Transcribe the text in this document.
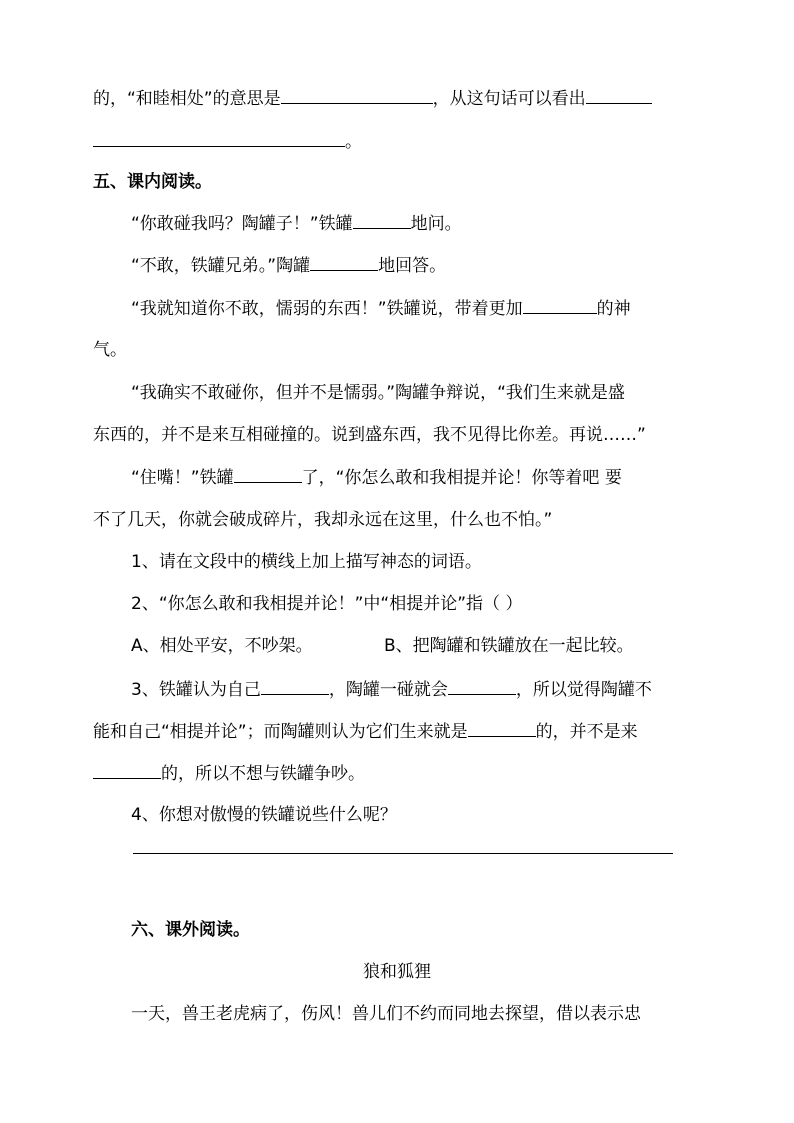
的，“和睦相处”的意思是	，从这句话可以看出
。
五、课内阅读。
“你敢碰我吗？陶罐子！”铁罐	地问。
“不敢，铁罐兄弟。”陶罐	地回答。
“我就知道你不敢，懦弱的东西！”铁罐说，带着更加	的神
气。
“我确实不敢碰你，但并不是懦弱。”陶罐争辩说，“我们生来就是盛
东西的，并不是来互相碰撞的。说到盛东西，我不见得比你差。再说……”
“住嘴！”铁罐	了，“你怎么敢和我相提并论！你等着吧 要
不了几天，你就会破成碎片，我却永远在这里，什么也不怕。”
1、请在文段中的横线上加上描写神态的词语。
2、“你怎么敢和我相提并论！”中“相提并论”指（ ）
A、相处平安，不吵架。	B、把陶罐和铁罐放在一起比较。
3、铁罐认为自己	，陶罐一碰就会	，所以觉得陶罐不
能和自己“相提并论”；而陶罐则认为它们生来就是	的，并不是来
的，所以不想与铁罐争吵。
4、你想对傲慢的铁罐说些什么呢？
六、课外阅读。
狼和狐狸
一天，兽王老虎病了，伤风！兽儿们不约而同地去探望，借以表示忠
